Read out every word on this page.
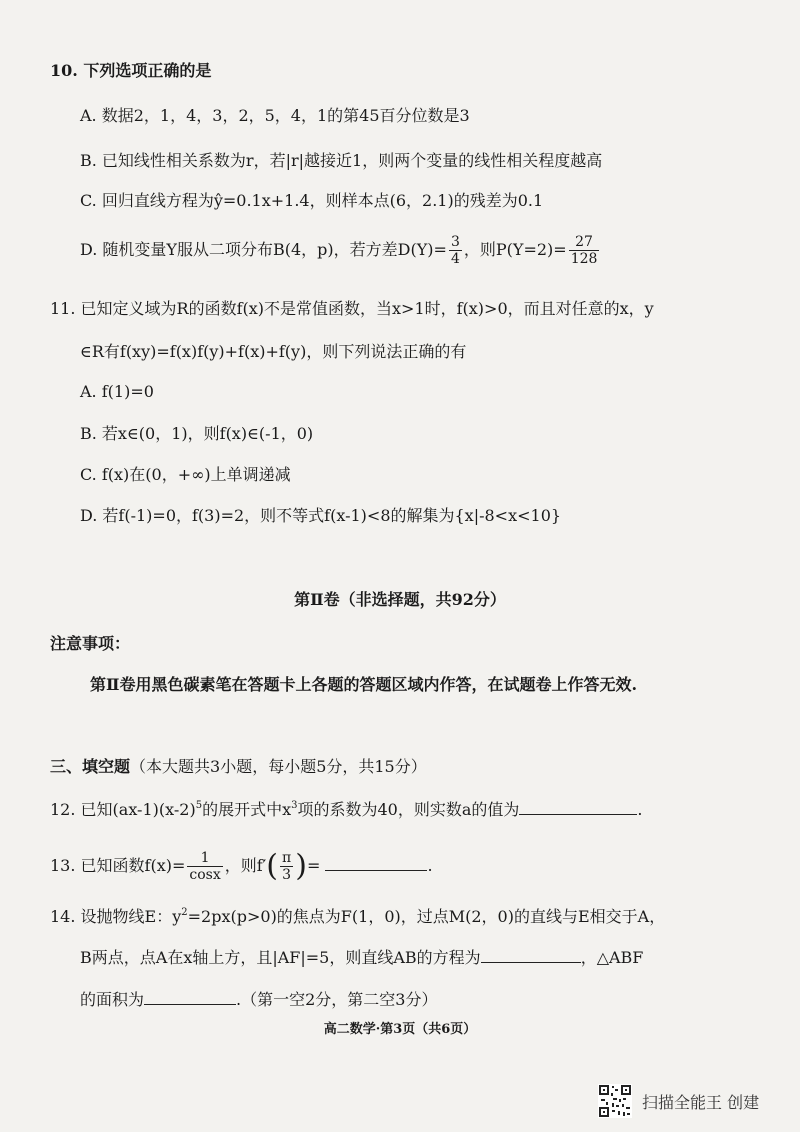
10. 下列选项正确的是
A. 数据2，1，4，3，2，5，4，1的第45百分位数是3
B. 已知线性相关系数为r，若|r|越接近1，则两个变量的线性相关程度越高
C. 回归直线方程为ŷ=0.1x+1.4，则样本点(6，2.1)的残差为0.1
D. 随机变量Y服从二项分布B(4，p)，若方差$D(Y)= \frac{3}{4}$ ，则$P(Y=2)= \frac{27}{128}$
11. 已知定义域为R的函数f(x)不是常值函数，当x>1时，f(x)>0，而且对任意的x，y
∈R有f(xy)=f(x)f(y)+f(x)+f(y)，则下列说法正确的有
A. f(1)=0
B. 若x∈(0，1)，则f(x)∈(-1，0)
C. f(x)在(0，+∞)上单调递减
D. 若f(-1)=0，f(3)=2，则不等式f(x-1)<8的解集为{x|-8<x<10}
第Ⅱ卷（非选择题，共92分）
注意事项：
第Ⅱ卷用黑色碳素笔在答题卡上各题的答题区域内作答，在试题卷上作答无效.
三、填空题（本大题共3小题，每小题5分，共15分）
12. 已知$(ax-1)(x-2)^5$的展开式中$x^3$项的系数为40，则实数a的值为	.
13. 已知函数$f(x)= \frac{1}{\cos x}$ ，则$f'( \frac{\pi}{3}$ )=	.
14. 设抛物线E：$y^2=2px(p>0)$的焦点为F(1，0)，过点M(2，0)的直线与E相交于A，
B两点，点A在x轴上方，且|AF|=5，则直线AB的方程为	，△ABF
的面积为	.（第一空2分，第二空3分）
高二数学·第3页（共6页）
扫描全能王 创建
